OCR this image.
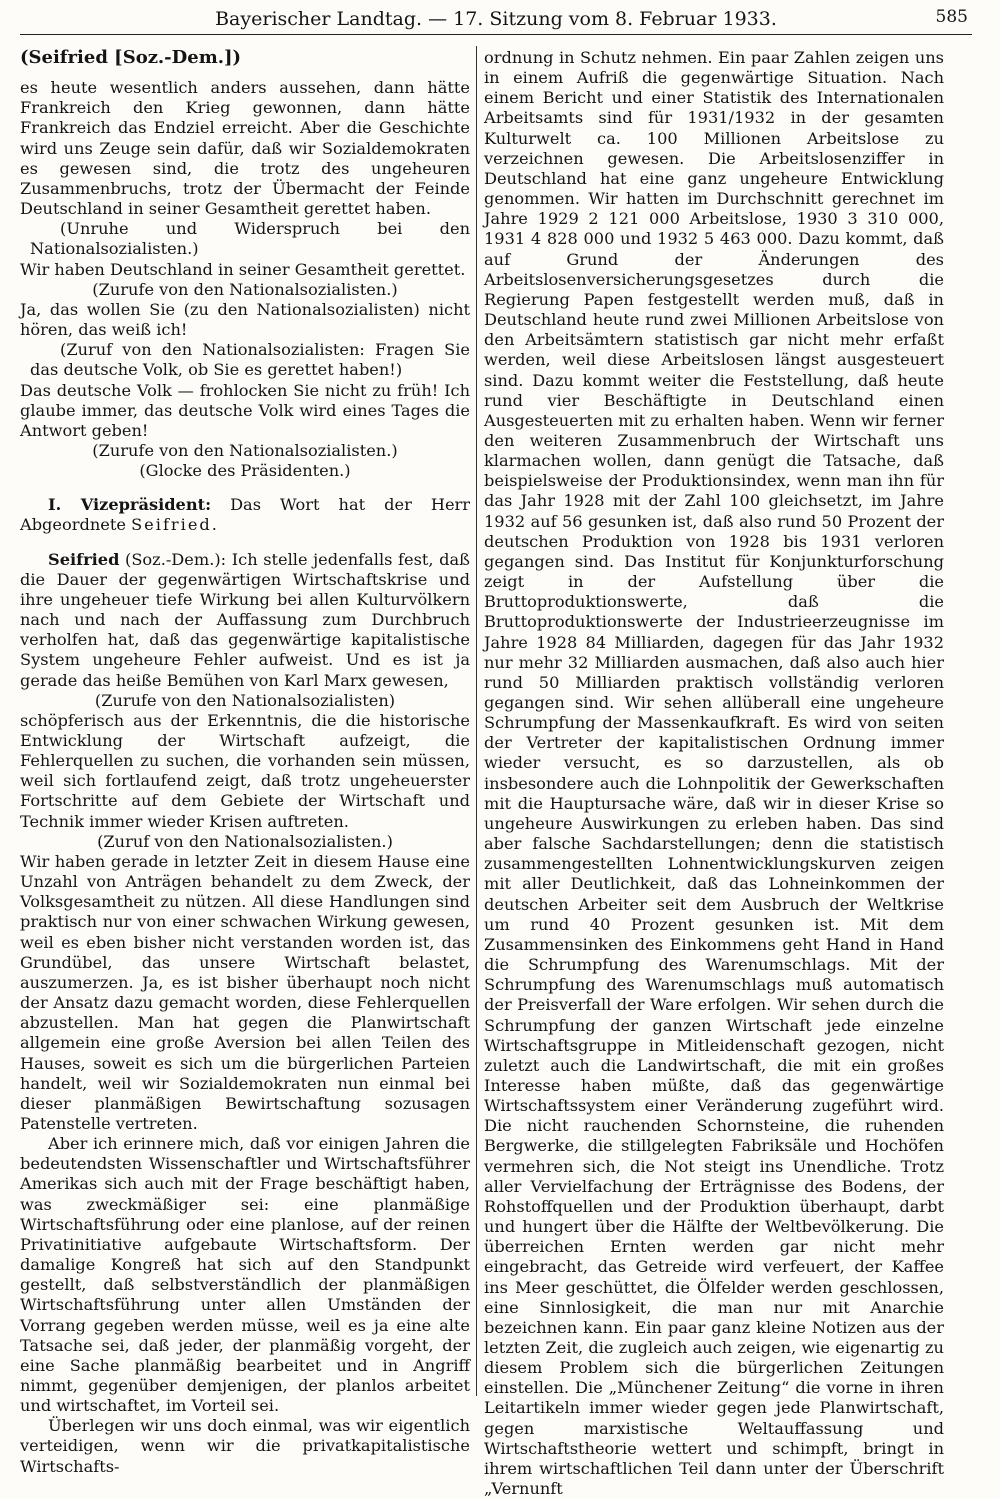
Bayerischer Landtag. — 17. Sitzung vom 8. Februar 1933.	585

(Seifried [Soz.-Dem.])

es heute wesentlich anders aussehen, dann hätte Frankreich den Krieg gewonnen, dann hätte Frankreich das Endziel erreicht. Aber die Geschichte wird uns Zeuge sein dafür, daß wir Sozialdemokraten es gewesen sind, die trotz des ungeheuren Zusammenbruchs, trotz der Übermacht der Feinde Deutschland in seiner Gesamtheit gerettet haben.

(Unruhe und Widerspruch bei den Nationalsozialisten.)

Wir haben Deutschland in seiner Gesamtheit gerettet.

(Zurufe von den Nationalsozialisten.)

Ja, das wollen Sie (zu den Nationalsozialisten) nicht hören, das weiß ich!

(Zuruf von den Nationalsozialisten: Fragen Sie das deutsche Volk, ob Sie es gerettet haben!)

Das deutsche Volk — frohlocken Sie nicht zu früh! Ich glaube immer, das deutsche Volk wird eines Tages die Antwort geben!

(Zurufe von den Nationalsozialisten.)

(Glocke des Präsidenten.)

I. Vizepräsident: Das Wort hat der Herr Abgeordnete Seifried.

Seifried (Soz.-Dem.): Ich stelle jedenfalls fest, daß die Dauer der gegenwärtigen Wirtschaftskrise und ihre ungeheuer tiefe Wirkung bei allen Kulturvölkern nach und nach der Auffassung zum Durchbruch verholfen hat, daß das gegenwärtige kapitalistische System ungeheure Fehler aufweist. Und es ist ja gerade das heiße Bemühen von Karl Marx gewesen,

(Zurufe von den Nationalsozialisten)

schöpferisch aus der Erkenntnis, die die historische Entwicklung der Wirtschaft aufzeigt, die Fehlerquellen zu suchen, die vorhanden sein müssen, weil sich fortlaufend zeigt, daß trotz ungeheuerster Fortschritte auf dem Gebiete der Wirtschaft und Technik immer wieder Krisen auftreten.

(Zuruf von den Nationalsozialisten.)

Wir haben gerade in letzter Zeit in diesem Hause eine Unzahl von Anträgen behandelt zu dem Zweck, der Volksgesamtheit zu nützen. All diese Handlungen sind praktisch nur von einer schwachen Wirkung gewesen, weil es eben bisher nicht verstanden worden ist, das Grundübel, das unsere Wirtschaft belastet, auszumerzen. Ja, es ist bisher überhaupt noch nicht der Ansatz dazu gemacht worden, diese Fehlerquellen abzustellen. Man hat gegen die Planwirtschaft allgemein eine große Aversion bei allen Teilen des Hauses, soweit es sich um die bürgerlichen Parteien handelt, weil wir Sozialdemokraten nun einmal bei dieser planmäßigen Bewirtschaftung sozusagen Patenstelle vertreten.

Aber ich erinnere mich, daß vor einigen Jahren die bedeutendsten Wissenschaftler und Wirtschaftsführer Amerikas sich auch mit der Frage beschäftigt haben, was zweckmäßiger sei: eine planmäßige Wirtschaftsführung oder eine planlose, auf der reinen Privatinitiative aufgebaute Wirtschaftsform. Der damalige Kongreß hat sich auf den Standpunkt gestellt, daß selbstverständlich der planmäßigen Wirtschaftsführung unter allen Umständen der Vorrang gegeben werden müsse, weil es ja eine alte Tatsache sei, daß jeder, der planmäßig vorgeht, der eine Sache planmäßig bearbeitet und in Angriff nimmt, gegenüber demjenigen, der planlos arbeitet und wirtschaftet, im Vorteil sei.

Überlegen wir uns doch einmal, was wir eigentlich verteidigen, wenn wir die privatkapitalistische Wirtschafts-

ordnung in Schutz nehmen. Ein paar Zahlen zeigen uns in einem Aufriß die gegenwärtige Situation. Nach einem Bericht und einer Statistik des Internationalen Arbeitsamts sind für 1931/1932 in der gesamten Kulturwelt ca. 100 Millionen Arbeitslose zu verzeichnen gewesen. Die Arbeitslosenziffer in Deutschland hat eine ganz ungeheure Entwicklung genommen. Wir hatten im Durchschnitt gerechnet im Jahre 1929 2 121 000 Arbeitslose, 1930 3 310 000, 1931 4 828 000 und 1932 5 463 000. Dazu kommt, daß auf Grund der Änderungen des Arbeitslosenversicherungsgesetzes durch die Regierung Papen festgestellt werden muß, daß in Deutschland heute rund zwei Millionen Arbeitslose von den Arbeitsämtern statistisch gar nicht mehr erfaßt werden, weil diese Arbeitslosen längst ausgesteuert sind. Dazu kommt weiter die Feststellung, daß heute rund vier Beschäftigte in Deutschland einen Ausgesteuerten mit zu erhalten haben. Wenn wir ferner den weiteren Zusammenbruch der Wirtschaft uns klarmachen wollen, dann genügt die Tatsache, daß beispielsweise der Produktionsindex, wenn man ihn für das Jahr 1928 mit der Zahl 100 gleichsetzt, im Jahre 1932 auf 56 gesunken ist, daß also rund 50 Prozent der deutschen Produktion von 1928 bis 1931 verloren gegangen sind. Das Institut für Konjunkturforschung zeigt in der Aufstellung über die Bruttoproduktionswerte, daß die Bruttoproduktionswerte der Industrieerzeugnisse im Jahre 1928 84 Milliarden, dagegen für das Jahr 1932 nur mehr 32 Milliarden ausmachen, daß also auch hier rund 50 Milliarden praktisch vollständig verloren gegangen sind. Wir sehen allüberall eine ungeheure Schrumpfung der Massenkaufkraft. Es wird von seiten der Vertreter der kapitalistischen Ordnung immer wieder versucht, es so darzustellen, als ob insbesondere auch die Lohnpolitik der Gewerkschaften mit die Hauptursache wäre, daß wir in dieser Krise so ungeheure Auswirkungen zu erleben haben. Das sind aber falsche Sachdarstellungen; denn die statistisch zusammengestellten Lohnentwicklungskurven zeigen mit aller Deutlichkeit, daß das Lohneinkommen der deutschen Arbeiter seit dem Ausbruch der Weltkrise um rund 40 Prozent gesunken ist. Mit dem Zusammensinken des Einkommens geht Hand in Hand die Schrumpfung des Warenumschlags. Mit der Schrumpfung des Warenumschlags muß automatisch der Preisverfall der Ware erfolgen. Wir sehen durch die Schrumpfung der ganzen Wirtschaft jede einzelne Wirtschaftsgruppe in Mitleidenschaft gezogen, nicht zuletzt auch die Landwirtschaft, die mit ein großes Interesse haben müßte, daß das gegenwärtige Wirtschaftssystem einer Veränderung zugeführt wird. Die nicht rauchenden Schornsteine, die ruhenden Bergwerke, die stillgelegten Fabriksäle und Hochöfen vermehren sich, die Not steigt ins Unendliche. Trotz aller Vervielfachung der Erträgnisse des Bodens, der Rohstoffquellen und der Produktion überhaupt, darbt und hungert über die Hälfte der Weltbevölkerung. Die überreichen Ernten werden gar nicht mehr eingebracht, das Getreide wird verfeuert, der Kaffee ins Meer geschüttet, die Ölfelder werden geschlossen, eine Sinnlosigkeit, die man nur mit Anarchie bezeichnen kann. Ein paar ganz kleine Notizen aus der letzten Zeit, die zugleich auch zeigen, wie eigenartig zu diesem Problem sich die bürgerlichen Zeitungen einstellen. Die „Münchener Zeitung“ die vorne in ihren Leitartikeln immer wieder gegen jede Planwirtschaft, gegen marxistische Weltauffassung und Wirtschaftstheorie wettert und schimpft, bringt in ihrem wirtschaftlichen Teil dann unter der Überschrift „Vernunft
